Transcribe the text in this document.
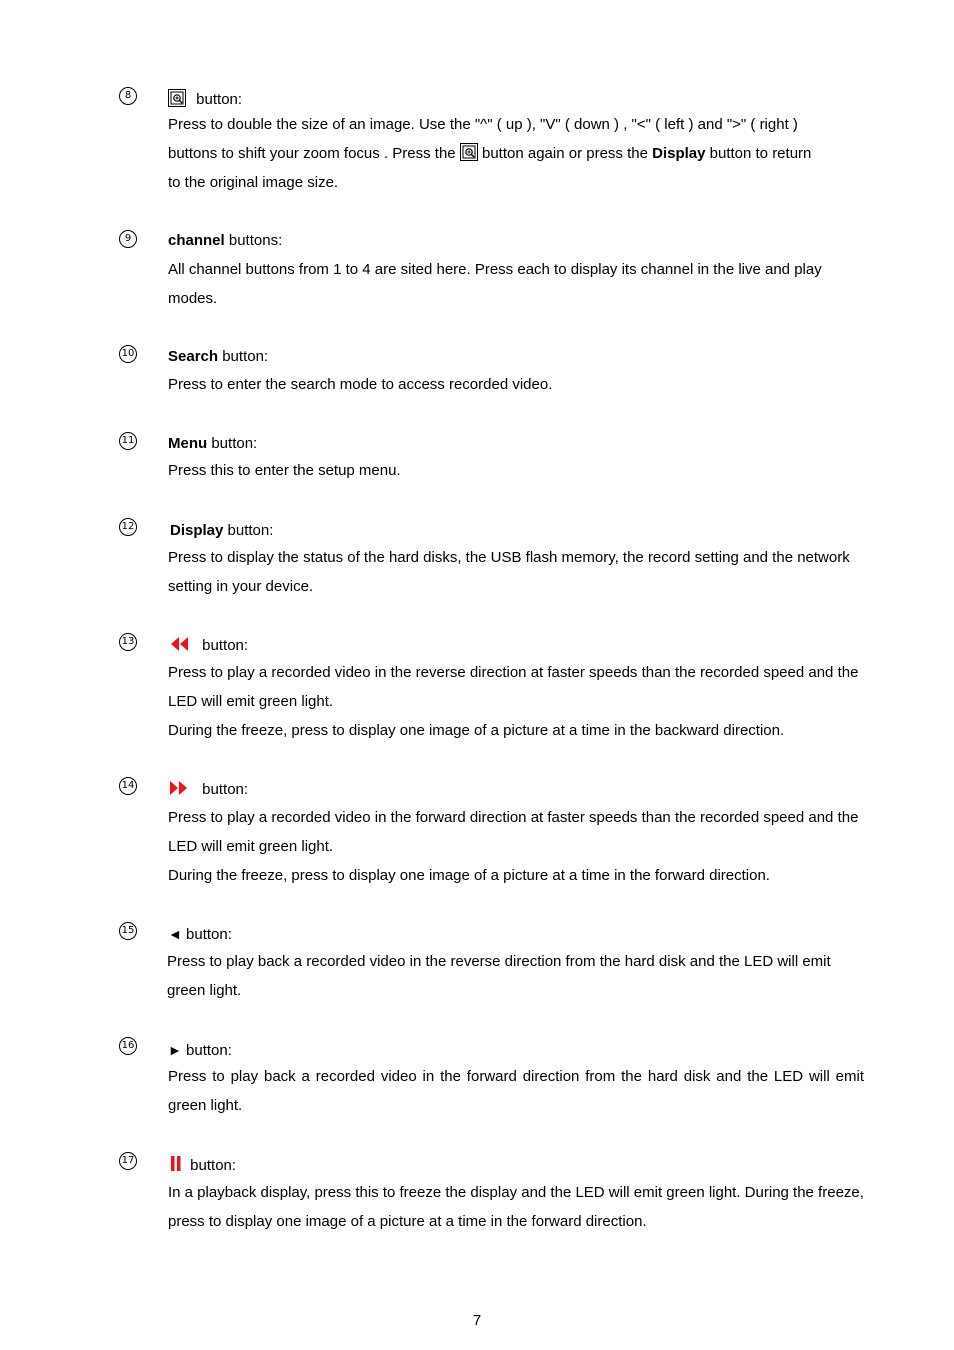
8	button:

Press to double the size of an image. Use the "^" ( up ), "V" ( down ) , "<" ( left ) and ">" ( right )

buttons to shift your zoom focus . Press the button again or press the Display button to return

to the original image size.

9	channel buttons:

All channel buttons from 1 to 4 are sited here. Press each to display its channel in the live and play modes.

10 Search button:

Press to enter the search mode to access recorded video.

11 Menu button:

Press this to enter the setup menu.

12 Display button:

Press to display the status of the hard disks, the USB flash memory, the record setting and the network setting in your device.

13	button:

Press to play a recorded video in the reverse direction at faster speeds than the recorded speed and the LED will emit green light.

During the freeze, press to display one image of a picture at a time in the backward direction.

14	button:

Press to play a recorded video in the forward direction at faster speeds than the recorded speed and the LED will emit green light.

During the freeze, press to display one image of a picture at a time in the forward direction.

15 ◄ button:

Press to play back a recorded video in the reverse direction from the hard disk and the LED will emit green light.

16 ► button:

Press to play back a recorded video in the forward direction from the hard disk and the LED will emit green light.

17	button:

In a playback display, press this to freeze the display and the LED will emit green light. During the freeze, press to display one image of a picture at a time in the forward direction.

7
